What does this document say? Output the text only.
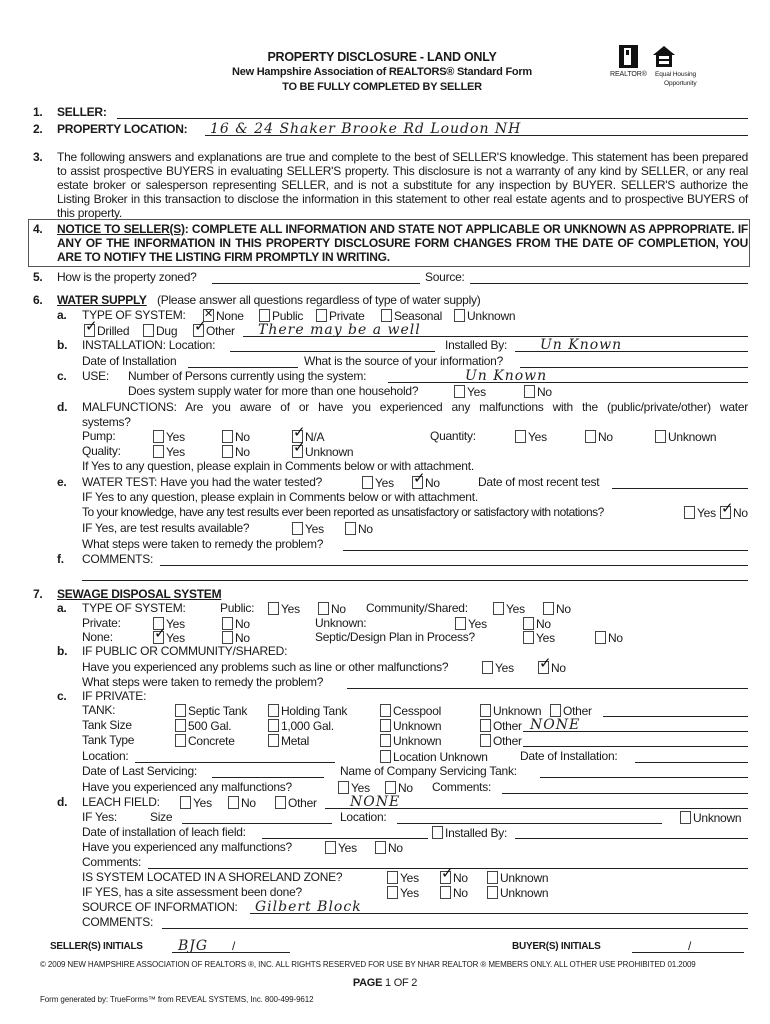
PROPERTY DISCLOSURE - LAND ONLY
New Hampshire Association of REALTORS® Standard Form
TO BE FULLY COMPLETED BY SELLER
REALTOR® Equal Housing
Opportunity
1. SELLER:
2. PROPERTY LOCATION: 16 & 24 Shaker Brooke Rd Loudon NH
3. The following answers and explanations are true and complete to the best of SELLER'S knowledge. This statement has been prepared to assist prospective BUYERS in evaluating SELLER'S property. This disclosure is not a warranty of any kind by SELLER, or any real estate broker or salesperson representing SELLER, and is not a substitute for any inspection by BUYER. SELLER'S authorize the Listing Broker in this transaction to disclose the information in this statement to other real estate agents and to prospective BUYERS of this property.
4. NOTICE TO SELLER(S): COMPLETE ALL INFORMATION AND STATE NOT APPLICABLE OR UNKNOWN AS APPROPRIATE. IF ANY OF THE INFORMATION IN THIS PROPERTY DISCLOSURE FORM CHANGES FROM THE DATE OF COMPLETION, YOU ARE TO NOTIFY THE LISTING FIRM PROMPTLY IN WRITING.
5. How is the property zoned?	Source:
6. WATER SUPPLY (Please answer all questions regardless of type of water supply)
a. TYPE OF SYSTEM: ✕	None	Public	Private	Seasonal	Unknown
✓Drilled	Dug ✓	Other There may be a well
b. INSTALLATION: Location:	Installed By: Un Known
Date of Installation	What is the source of your information?
c. USE: Number of Persons currently using the system:	Un Known
Does system supply water for more than one household?	Yes	No
d. MALFUNCTIONS: Are you aware of or have you experienced any malfunctions with the (public/private/other) water
systems?
Pump:	Yes	No ✓	N/A	Quantity:	Yes	No	Unknown
Quality:	Yes	No ✓	Unknown
If Yes to any question, please explain in Comments below or with attachment.
e. WATER TEST: Have you had the water tested?	Yes ✓	No	Date of most recent test
IF Yes to any question, please explain in Comments below or with attachment.
To your knowledge, have any test results ever been reported as unsatisfactory or satisfactory with notations?	Yes ✓	No
IF Yes, are test results available?	Yes	No
What steps were taken to remedy the problem?
f. COMMENTS:
7. SEWAGE DISPOSAL SYSTEM
a. TYPE OF SYSTEM:	Public:	Yes	No Community/Shared:	Yes	No
Private:	Yes	No	Unknown:	Yes	No
None: ✓	Yes	No	Septic/Design Plan in Process?	Yes	No
b. IF PUBLIC OR COMMUNITY/SHARED:
Have you experienced any problems such as line or other malfunctions?	Yes ✓	No
What steps were taken to remedy the problem?
c. IF PRIVATE:
TANK:	Septic Tank	Holding Tank	Cesspool	Unknown	Other
Tank Size	500 Gal.	1,000 Gal.	Unknown	Other NONE
Tank Type	Concrete	Metal	Unknown	Other
Location:	Location Unknown	Date of Installation:
Date of Last Servicing:	Name of Company Servicing Tank:
Have you experienced any malfunctions?	Yes	No Comments:
d. LEACH FIELD:	Yes	No	Other NONE
IF Yes:	Size	Location:	Unknown
Date of installation of leach field:	Installed By:
Have you experienced any malfunctions?	Yes	No
Comments:
IS SYSTEM LOCATED IN A SHORELAND ZONE?	Yes ✓	No	Unknown
IF YES, has a site assessment been done?	Yes	No	Unknown
SOURCE OF INFORMATION: Gilbert Block
COMMENTS:
SELLER(S) INITIALS	BJG /	BUYER(S) INITIALS	/
© 2009 NEW HAMPSHIRE ASSOCIATION OF REALTORS ®, INC. ALL RIGHTS RESERVED FOR USE BY NHAR REALTOR ® MEMBERS ONLY. ALL OTHER USE PROHIBITED 01.2009
PAGE 1 OF 2
Form generated by: TrueForms™ from REVEAL SYSTEMS, Inc. 800-499-9612
